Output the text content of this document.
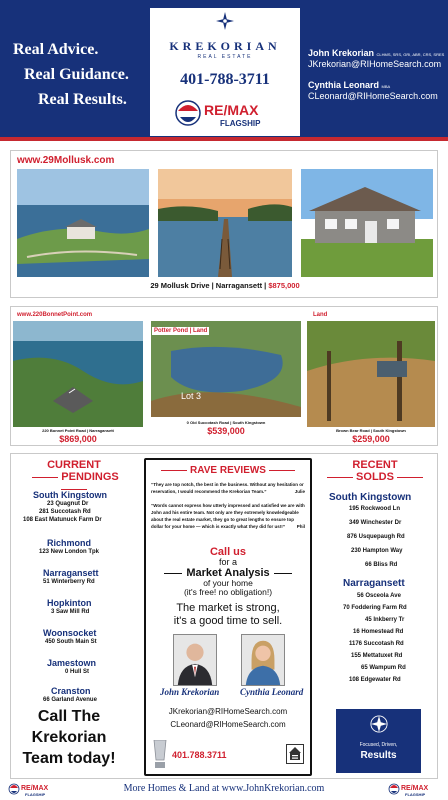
Real Advice.
Real Guidance.
Real Results.
KREKORIAN
REAL ESTATE
401-788-3711
RE/MAX
FLAGSHIP
John Krekorian CLHMS, SRS, GRI, ABR, CRS, SRES
JKrekorian@RIHomeSearch.com
Cynthia Leonard MBA
CLeonard@RIHomeSearch.com
www.29Mollusk.com
29 Mollusk Drive | Narragansett | $875,000
www.220BonnetPoint.com
Lot 3
Land
Potter Pond | Land
220 Bonnet Point Road | Narragansett
$869,000
0 Old Succotash Road | South Kingstown
$539,000	Brown Bear Road | South Kingstown
$259,000
CURRENT
PENDINGS
South Kingstown
23 Quagnut Dr
281 Succotash Rd
108 East Matunuck Farm Dr
Richmond
123 New London Tpk
Narragansett
51 Winterberry Rd
Hopkinton
3 Saw Mill Rd
Woonsocket
450 South Main St
Jamestown
0 Hull St
Cranston
66 Garland Avenue
Call The
Krekorian
Team today!
RAVE REVIEWS
“They are top notch, the best in the business. Without any hesitation or reservation, I would recommend the Krekorian Team.”	Julie
“Words cannot express how utterly impressed and satisfied we are with John and his entire team. Not only are they extremely knowledgeable about the real estate market, they go to great lengths to ensure top dollar for your home — which is exactly what they did for us!!”	Phil
Call us
for a
Market Analysis
of your home
(it's free! no obligation!)
The market is strong,
it's a good time to sell.
John Krekorian Cynthia Leonard
JKrekorian@RIHomeSearch.com
CLeonard@RIHomeSearch.com
401.788.3711
RECENT
SOLDS
South Kingstown
195 Rockwood Ln
349 Winchester Dr
876 Usquepaugh Rd
230 Hampton Way
66 Bliss Rd
Narragansett
56 Osceola Ave
70 Foddering Farm Rd
45 Inkberry Tr
16 Homestead Rd
1176 Succotash Rd
155 Mettatuxet Rd
65 Wampum Rd
108 Edgewater Rd
Focused, Driven,
Results
RE/MAX
FLAGSHIP
More Homes & Land at www.JohnKrekorian.com	RE/MAX
FLAGSHIP
